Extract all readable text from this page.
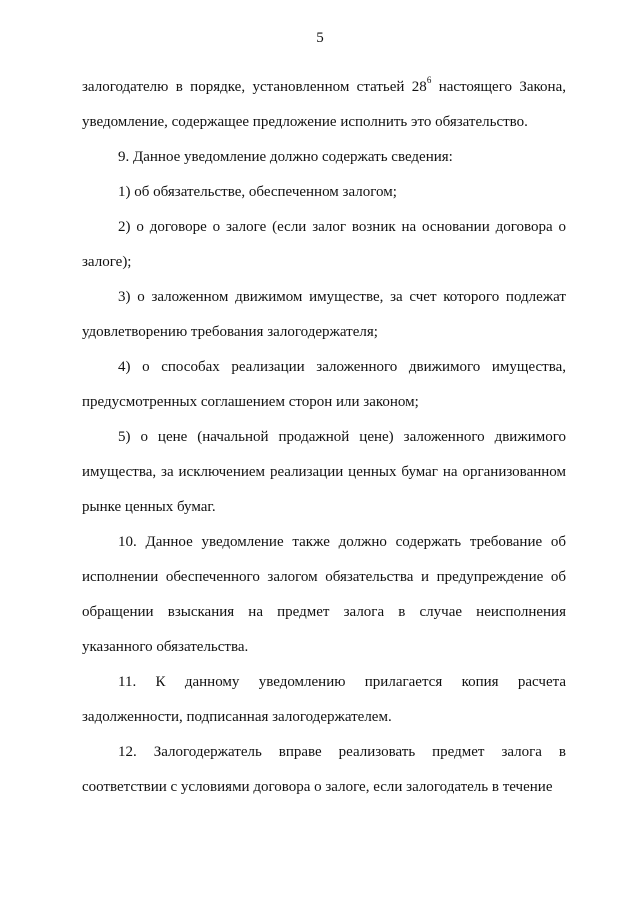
5

залогодателю в порядке, установленном статьей $28^6$ настоящего Закона, уведомление, содержащее предложение исполнить это обязательство.

9. Данное уведомление должно содержать сведения:

1) об обязательстве, обеспеченном залогом;

2) о договоре о залоге (если залог возник на основании договора о залоге);

3) о заложенном движимом имуществе, за счет которого подлежат удовлетворению требования залогодержателя;

4) о способах реализации заложенного движимого имущества, предусмотренных соглашением сторон или законом;

5) о цене (начальной продажной цене) заложенного движимого имущества, за исключением реализации ценных бумаг на организованном рынке ценных бумаг.

10. Данное уведомление также должно содержать требование об исполнении обеспеченного залогом обязательства и предупреждение об обращении взыскания на предмет залога в случае неисполнения указанного обязательства.

11. К данному уведомлению прилагается копия расчета задолженности, подписанная залогодержателем.

12. Залогодержатель вправе реализовать предмет залога в соответствии с условиями договора о залоге, если залогодатель в течение
